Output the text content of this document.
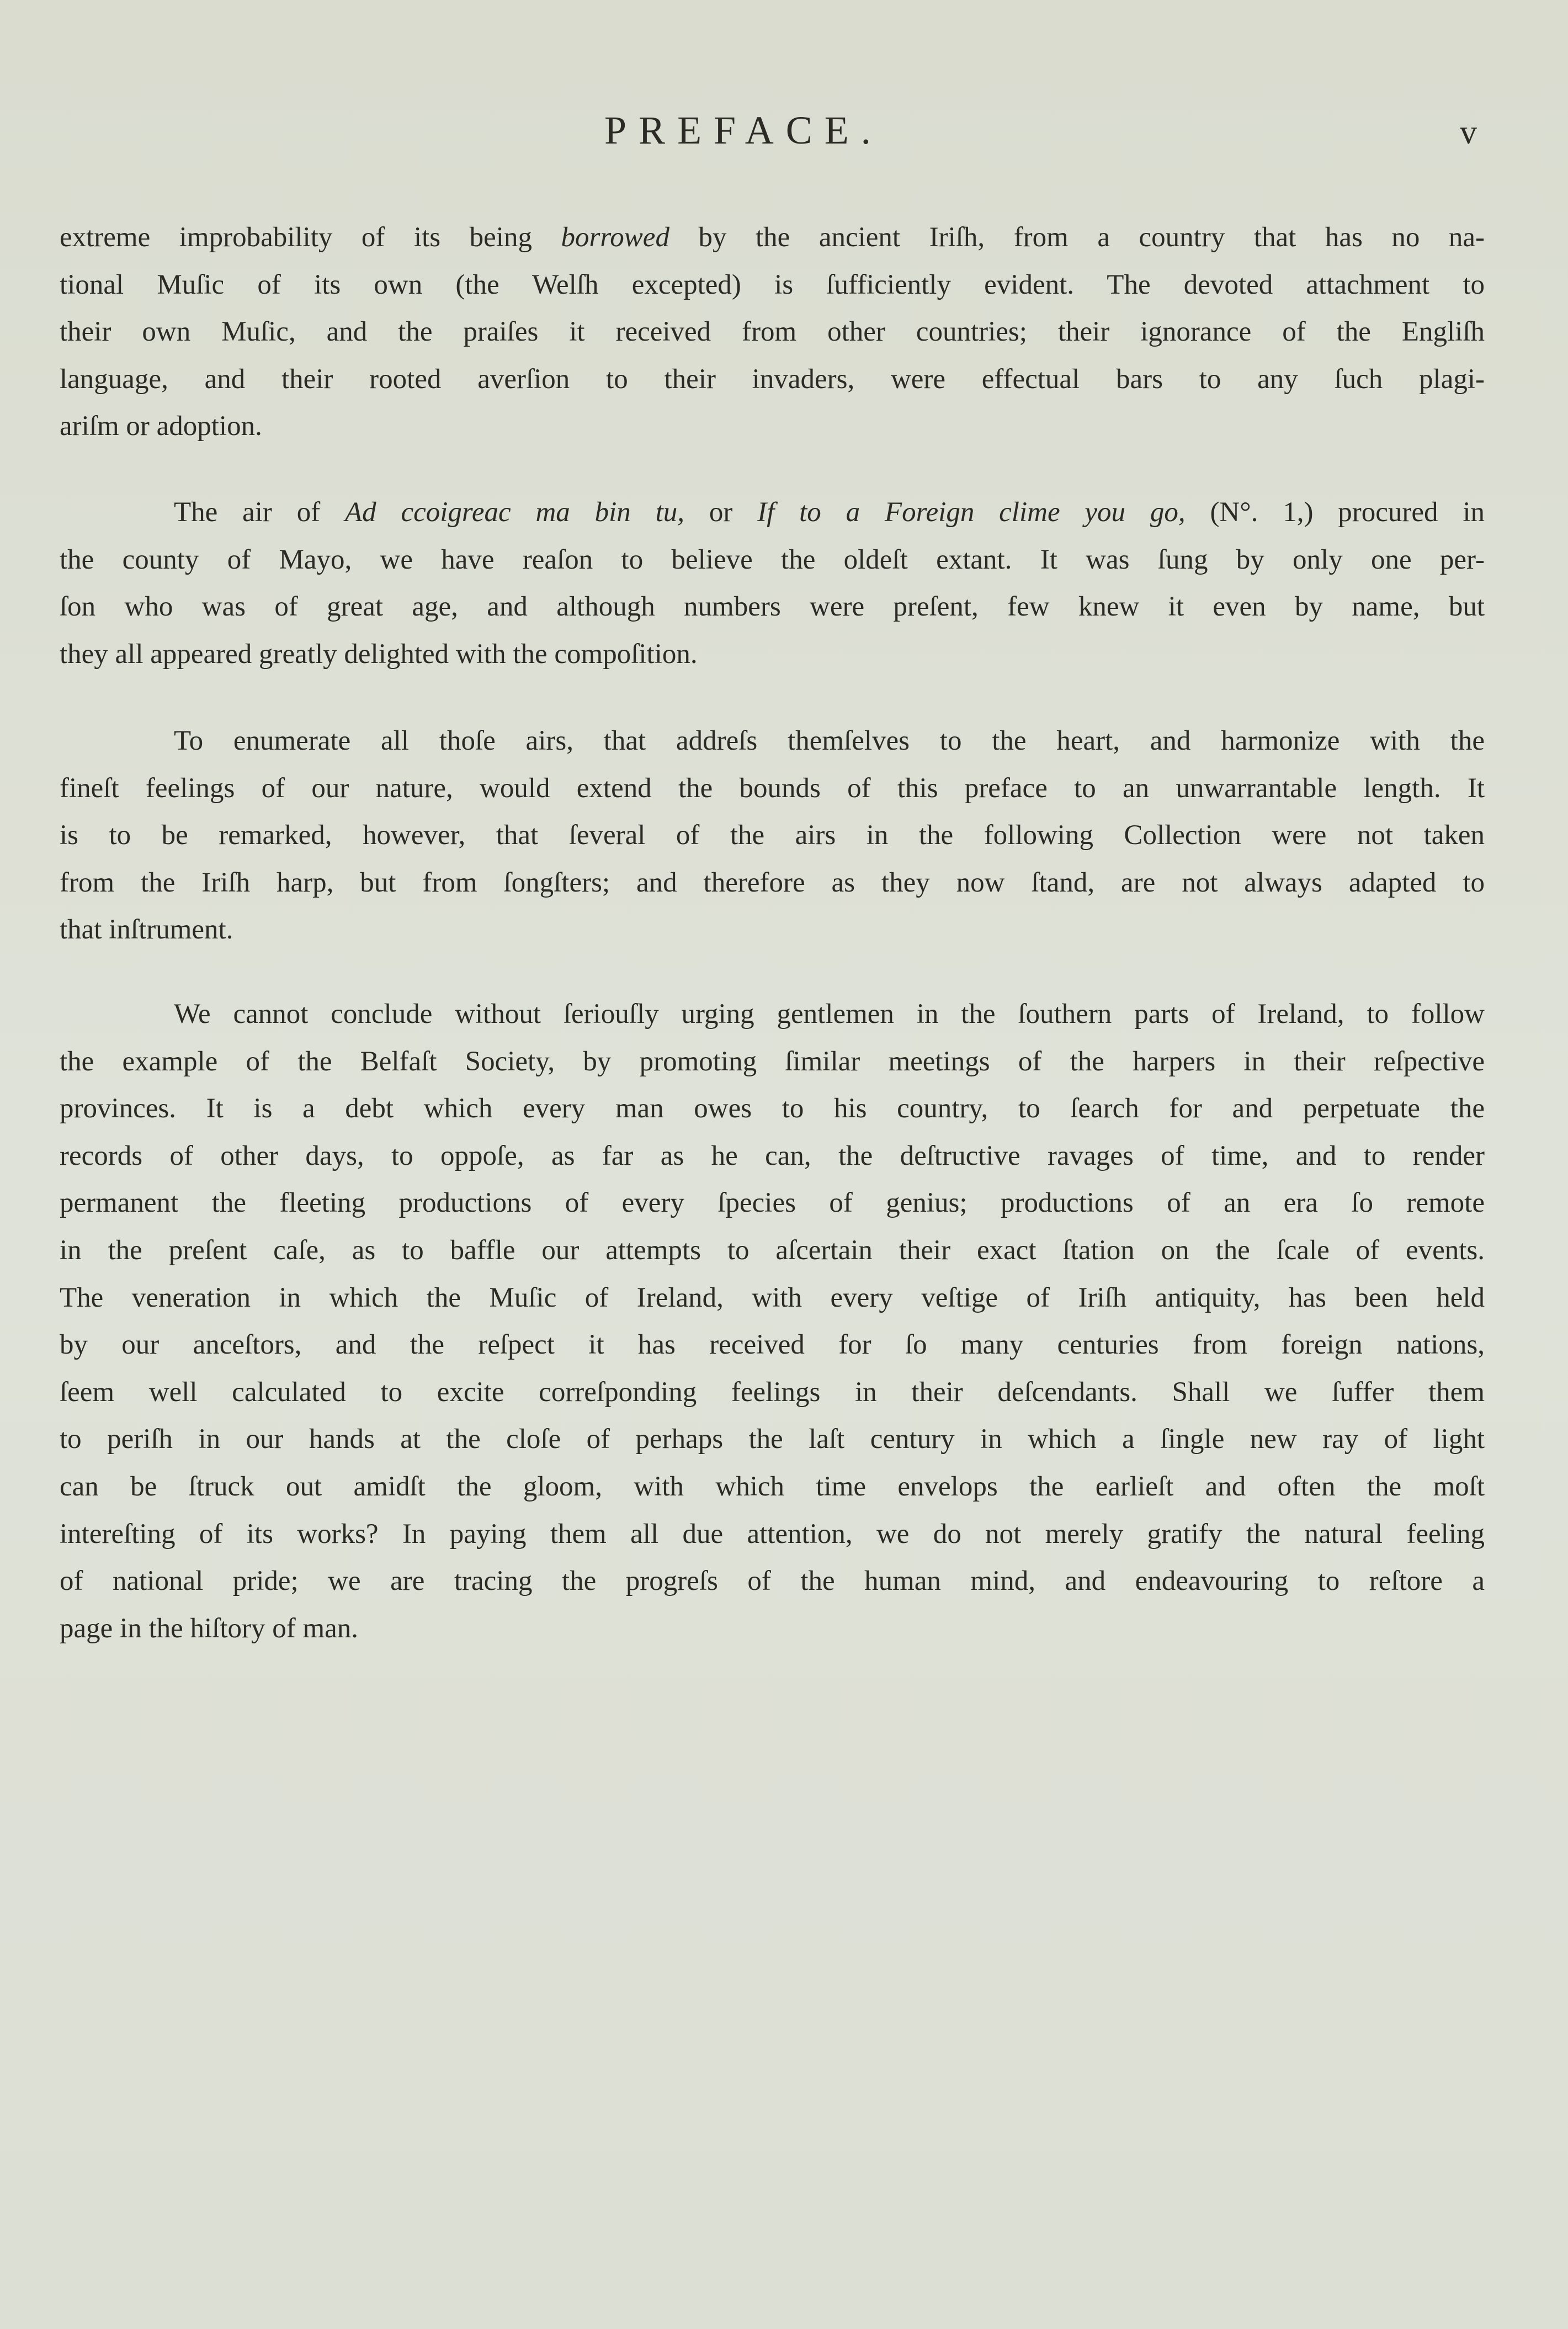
PREFACE.	v
extreme improbability of its being borrowed by the ancient Iriſh, from a country that has no na-
tional Muſic of its own (the Welſh excepted) is ſufficiently evident. The devoted attachment to
their own Muſic, and the praiſes it received from other countries; their ignorance of the Engliſh
language, and their rooted averſion to their invaders, were effectual bars to any ſuch plagi-
ariſm or adoption.
The air of Ad ccoigreac ma bin tu, or If to a Foreign clime you go, (N°. 1,) procured in
the county of Mayo, we have reaſon to believe the oldeſt extant. It was ſung by only one per-
ſon who was of great age, and although numbers were preſent, few knew it even by name, but
they all appeared greatly delighted with the compoſition.
To enumerate all thoſe airs, that addreſs themſelves to the heart, and harmonize with the
fineſt feelings of our nature, would extend the bounds of this preface to an unwarrantable length. It
is to be remarked, however, that ſeveral of the airs in the following Collection were not taken
from the Iriſh harp, but from ſongſters; and therefore as they now ſtand, are not always adapted to
that inſtrument.
We cannot conclude without ſeriouſly urging gentlemen in the ſouthern parts of Ireland, to follow
the example of the Belfaſt Society, by promoting ſimilar meetings of the harpers in their reſpective
provinces. It is a debt which every man owes to his country, to ſearch for and perpetuate the
records of other days, to oppoſe, as far as he can, the deſtructive ravages of time, and to render
permanent the fleeting productions of every ſpecies of genius; productions of an era ſo remote
in the preſent caſe, as to baffle our attempts to aſcertain their exact ſtation on the ſcale of events.
The veneration in which the Muſic of Ireland, with every veſtige of Iriſh antiquity, has been held
by our anceſtors, and the reſpect it has received for ſo many centuries from foreign nations,
ſeem well calculated to excite correſponding feelings in their deſcendants. Shall we ſuffer them
to periſh in our hands at the cloſe of perhaps the laſt century in which a ſingle new ray of light
can be ſtruck out amidſt the gloom, with which time envelops the earlieſt and often the moſt
intereſting of its works? In paying them all due attention, we do not merely gratify the natural feeling
of national pride; we are tracing the progreſs of the human mind, and endeavouring to reſtore a
page in the hiſtory of man.
